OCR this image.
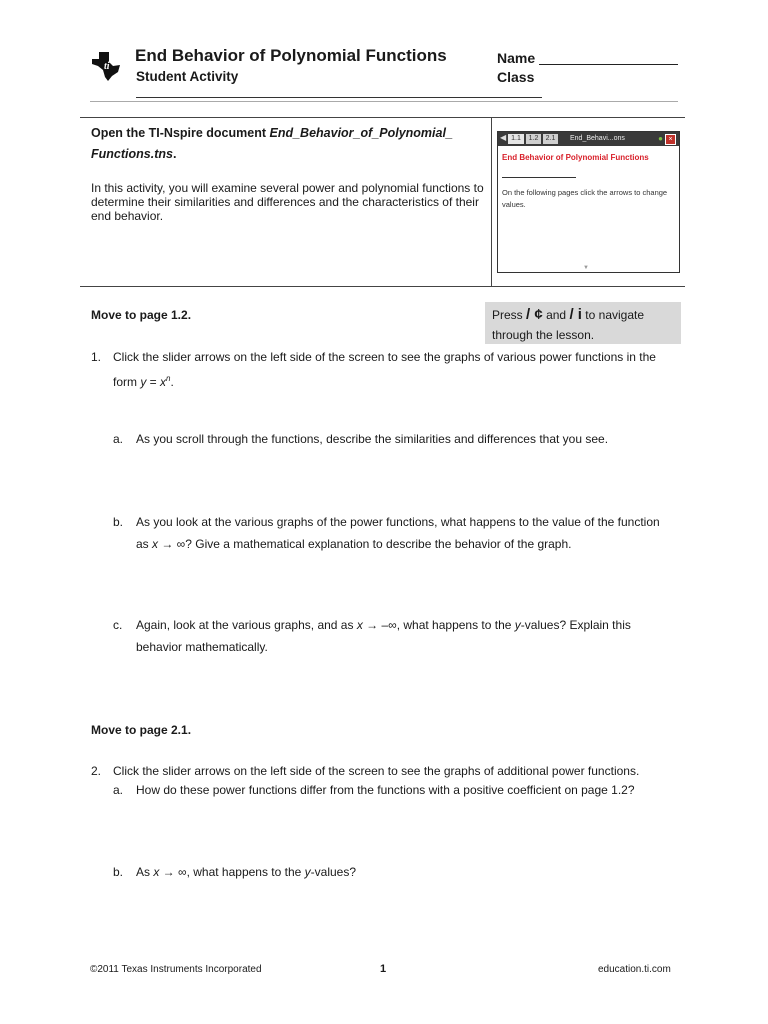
ti
End Behavior of Polynomial Functions
Student Activity
Name
Class
Open the TI-Nspire document End_Behavior_of_Polynomial_
Functions.tns.
In this activity, you will examine several power and polynomial functions to determine their similarities and differences and the characteristics of their end behavior.
◀ 1.1	1.2	2.1	End_Behavi...ons	● ×
End Behavior of Polynomial Functions
On the following pages click the arrows to change values.
▼
Move to page 1.2.	Press / ¢ and / i to navigate
through the lesson.
1. Click the slider arrows on the left side of the screen to see the graphs of various power functions in the form $y = x^n$.
a. As you scroll through the functions, describe the similarities and differences that you see.
b. As you look at the various graphs of the power functions, what happens to the value of the function as x → ∞? Give a mathematical explanation to describe the behavior of the graph.
c. Again, look at the various graphs, and as x → –∞, what happens to the y-values? Explain this behavior mathematically.
Move to page 2.1.
2. Click the slider arrows on the left side of the screen to see the graphs of additional power functions.
a. How do these power functions differ from the functions with a positive coefficient on page 1.2?
b. As x → ∞, what happens to the y-values?
©2011 Texas Instruments Incorporated	1	education.ti.com
